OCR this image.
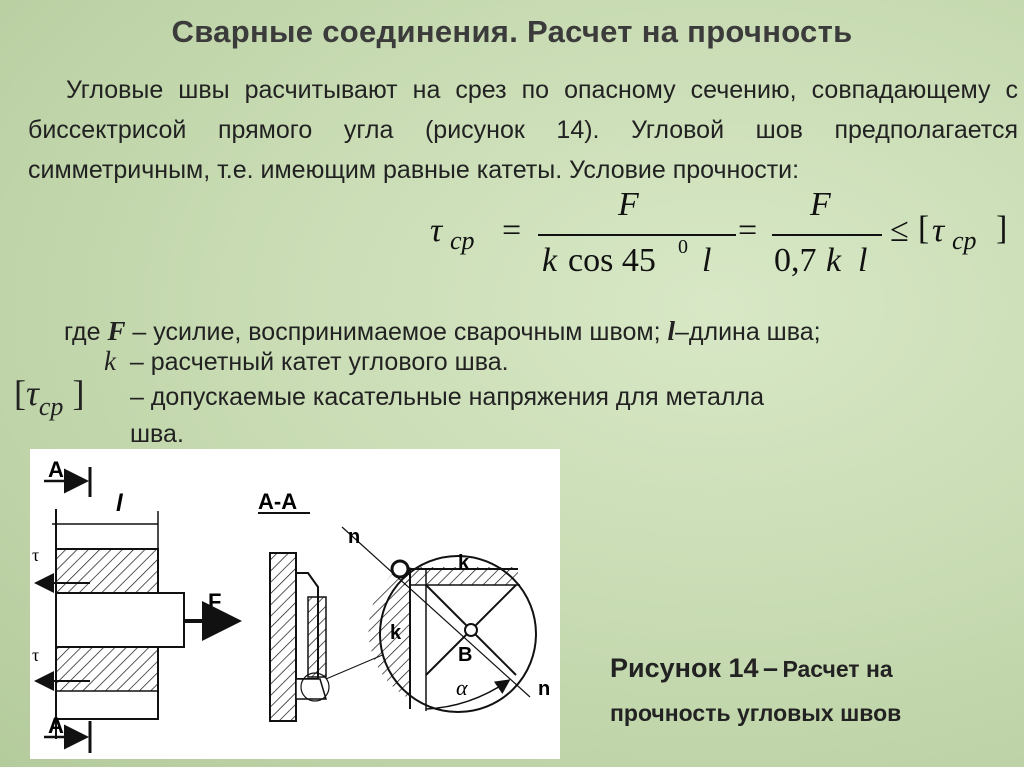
Сварные соединения. Расчет на прочность
Угловые швы расчитывают на срез по опасному сечению, совпадающему с биссектрисой прямого угла (рисунок 14). Угловой шов предполагается симметричным, т.е. имеющим равные катеты. Условие прочности:
τ cp =
F
k cos 45 0 l
=
F
0,7 k l
≤ [ τ cp ]
где F – усилие, воспринимаемое сварочным швом; l–длина шва;
k – расчетный катет углового шва.
[$\tau_{cp}$ ] – допускаемые касательные напряжения для металла
шва.
A
l
τ
τ
F
A
A-A
n
n
k
k
B
α
Рисунок 14 – Расчет на
прочность угловых швов
